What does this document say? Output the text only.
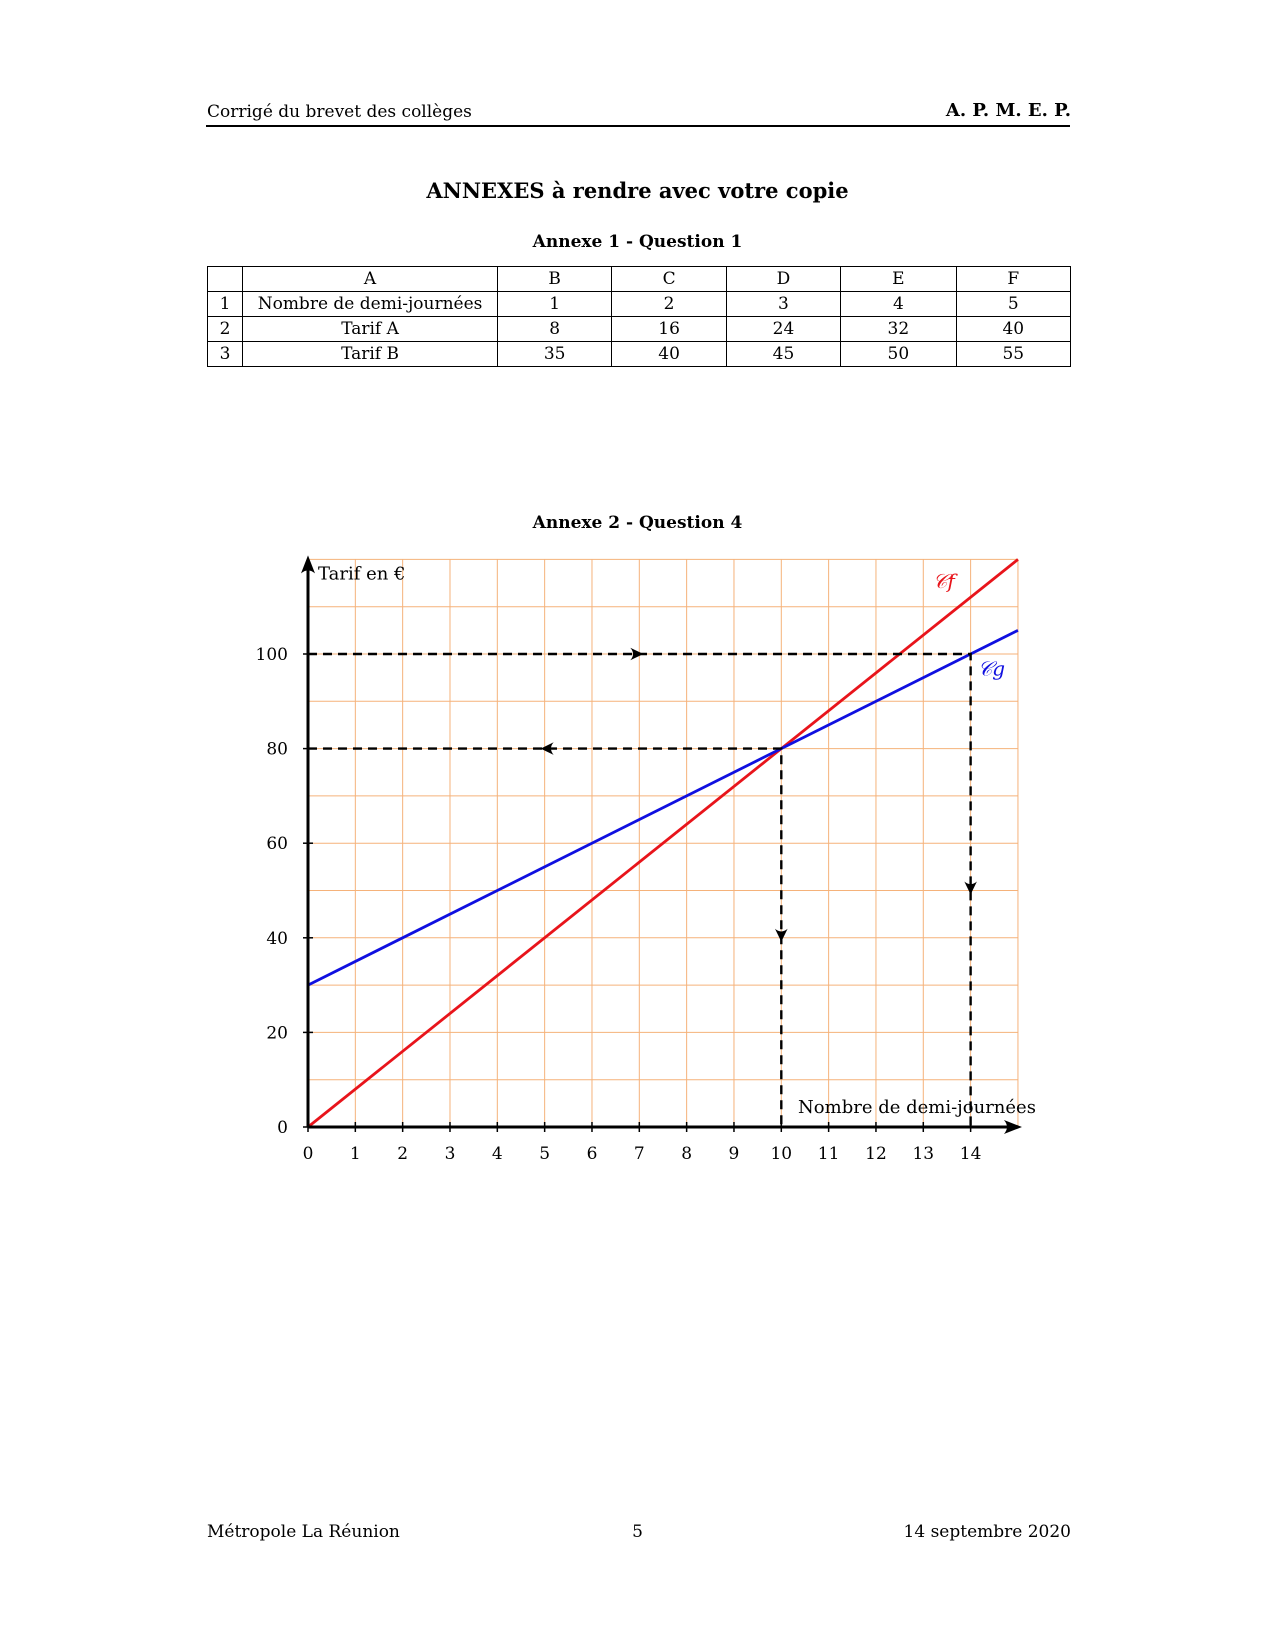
Corrigé du brevet des collèges	A. P. M. E. P.
ANNEXES à rendre avec votre copie
Annexe 1 - Question 1
	A	B	C	D	E	F
1	Nombre de demi-journées	1	2	3	4	5
2	Tarif A	8	16	24	32	40
3	Tarif B	35	40	45	50	55
Annexe 2 - Question 4
0 1 2 3 4 5 6 7 8 9 10 11 12 13 14
0
20
40
60
80
100
Tarif en €
Nombre de demi-journées
𝒞f
𝒞g
Métropole La Réunion	5	14 septembre 2020
